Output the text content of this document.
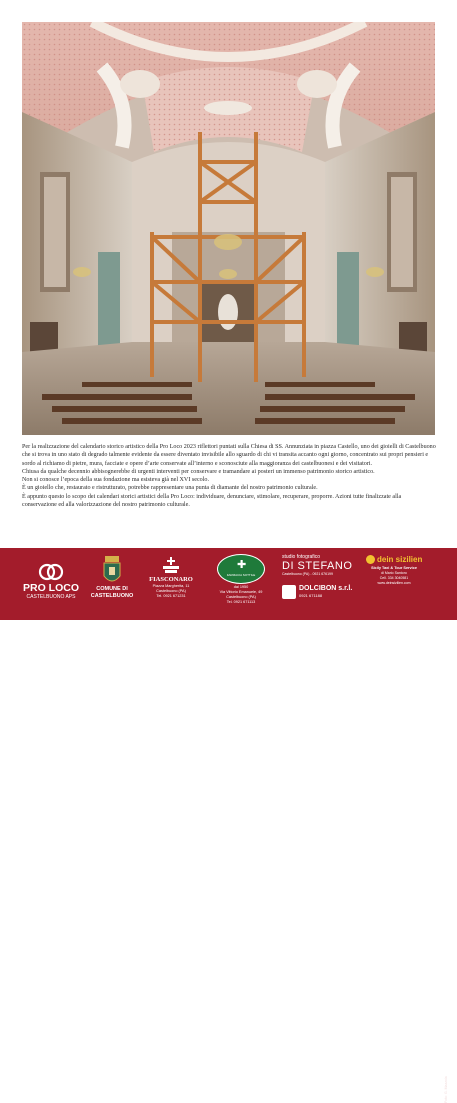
Per la realizzazione del calendario storico artistico della Pro Loco 2023 riflettori puntati sulla Chiesa di SS. Annunziata in piazza Castello, uno dei gioielli di Castelbuono che si trova in uno stato di degrado talmente evidente da essere diventato invisibile allo sguardo di chi vi transita accanto ogni giorno, concentrato sui propri pensieri e sordo al richiamo di pietre, mura, facciate e opere d’arte conservate all’interno e sconosciute alla maggioranza dei castelbuonesi e dei visitatori.

Chiusa da qualche decennio abbisognerebbe di urgenti interventi per conservare e tramandare ai posteri un immenso patrimonio storico artistico.

Non si conosce l’epoca della sua fondazione ma esisteva già nel XVI secolo.

È un gioiello che, restaurato e ristrutturato, potrebbe rappresentare una punta di diamante del nostro patrimonio culturale.

È appunto questo lo scopo dei calendari storici artistici della Pro Loco: individuare, denunciare, stimolare, recuperare, proporre. Azioni tutte finalizzate alla conservazione ed alla valorizzazione del nostro patrimonio culturale.

PRO LOCO
CASTELBUONO APS
COMUNE DI
CASTELBUONO
FIASCONARO
Piazza Margherita, 11
Castelbuono (PA)
Tel. 0921 671231
✚
FARMACIA SOTTILE
dal 1950
Via Vittorio Emanuele, 49
Castelbuono (PA)
Tel. 0921 671113
studio fotografico
DI STEFANO
Castelbuono (PA) - 0921 676199
DOLCIBON s.r.l.
0921 671188
dein sizilien
Sicily Taxi & Tour Service
di Mario Santoro
Cell. 334 3040581
www.deinsizilien.com
Foto: G. Mazzola
